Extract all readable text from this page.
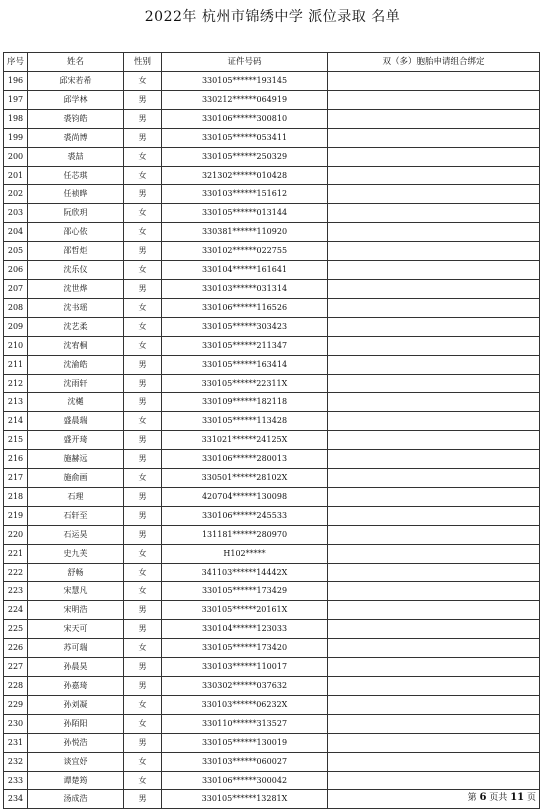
2022年 杭州市锦绣中学 派位录取 名单
序号	姓名	性别	证件号码	双（多）胞胎申请组合绑定
196	邱宋若希	女	330105******193145	
197	邱学林	男	330212******064919	
198	裘钧皓	男	330106******300810	
199	裘尚博	男	330105******053411	
200	裘喆	女	330105******250329	
201	任芯琪	女	321302******010428	
202	任祯晔	男	330103******151612	
203	阮欣玥	女	330105******013144	
204	邵心依	女	330381******110920	
205	邵哲炬	男	330102******022755	
206	沈乐仪	女	330104******161641	
207	沈世烨	男	330103******031314	
208	沈书瑶	女	330106******116526	
209	沈艺柔	女	330105******303423	
210	沈宥桐	女	330105******211347	
211	沈渝皓	男	330105******163414	
212	沈雨轩	男	330105******22311X	
213	沈樾	男	330109******182118	
214	盛晨瑞	女	330105******113428	
215	盛开琦	男	331021******24125X	
216	施赫远	男	330106******280013	
217	施俞画	女	330501******28102X	
218	石理	男	420704******130098	
219	石轩至	男	330106******245533	
220	石运昊	男	131181******280970	
221	史九芙	女	H102*****	
222	舒畅	女	341103******14442X	
223	宋慧凡	女	330105******173429	
224	宋明浩	男	330105******20161X	
225	宋天可	男	330104******123033	
226	苏可瑞	女	330105******173420	
227	孙晨昊	男	330103******110017	
228	孙嘉琦	男	330302******037632	
229	孙刘凝	女	330103******06232X	
230	孙陌阳	女	330110******313527	
231	孙悦浩	男	330105******130019	
232	谈宜妤	女	330103******060027	
233	谭楚筠	女	330106******300042	
234	汤成浩	男	330105******13281X		第 6 页共 11 页
